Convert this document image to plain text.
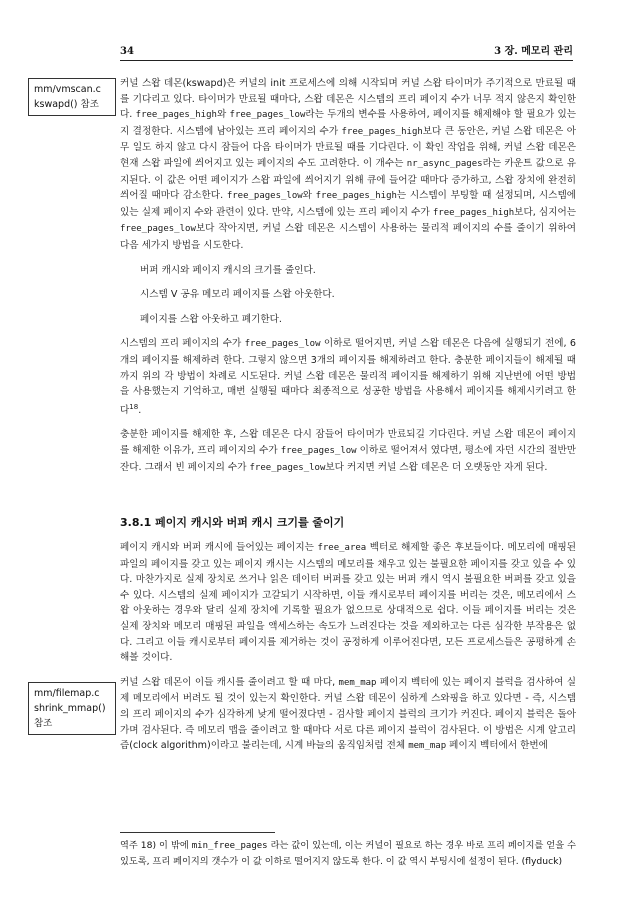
34	3 장. 메모리 관리
mm/vmscan.c
kswapd() 참조
mm/filemap.c
shrink_mmap()
참조

커널 스왑 데몬(kswapd)은 커널의 init 프로세스에 의해 시작되며 커널 스왑 타이머가 주기적으로 만료될 때를 기다리고 있다. 타이머가 만료될 때마다, 스왑 데몬은 시스템의 프리 페이지 수가 너무 적지 않은지 확인한다. free_pages_high와 free_pages_low라는 두개의 변수를 사용하여, 페이지를 해제해야 할 필요가 있는지 결정한다. 시스템에 남아있는 프리 페이지의 수가 free_pages_high보다 큰 동안은, 커널 스왑 데몬은 아무 일도 하지 않고 다시 잠들어 다음 타이머가 만료될 때를 기다린다. 이 확인 작업을 위해, 커널 스왑 데몬은 현재 스왑 파일에 씌어지고 있는 페이지의 수도 고려한다. 이 개수는 nr_async_pages라는 카운트 값으로 유지된다. 이 값은 어떤 페이지가 스왑 파일에 씌어지기 위해 큐에 들어갈 때마다 증가하고, 스왑 장치에 완전히 씌어질 때마다 감소한다. free_pages_low와 free_pages_high는 시스템이 부팅할 때 설정되며, 시스템에 있는 실제 페이지 수와 관련이 있다. 만약, 시스템에 있는 프리 페이지 수가 free_pages_high보다, 심지어는 free_pages_low보다 작아지면, 커널 스왑 데몬은 시스템이 사용하는 물리적 페이지의 수를 줄이기 위하여 다음 세가지 방법을 시도한다.

버퍼 캐시와 페이지 캐시의 크기를 줄인다.
시스템 V 공유 메모리 페이지를 스왑 아웃한다.
페이지를 스왑 아웃하고 폐기한다.

시스템의 프리 페이지의 수가 free_pages_low 이하로 떨어지면, 커널 스왑 데몬은 다음에 실행되기 전에, 6개의 페이지를 해제하려 한다. 그렇지 않으면 3개의 페이지를 해제하려고 한다. 충분한 페이지들이 해제될 때까지 위의 각 방법이 차례로 시도된다. 커널 스왑 데몬은 물리적 페이지를 해제하기 위해 지난번에 어떤 방법을 사용했는지 기억하고, 매번 실행될 때마다 최종적으로 성공한 방법을 사용해서 페이지를 해제시키려고 한다$^{18}$.

충분한 페이지를 해제한 후, 스왑 데몬은 다시 잠들어 타이머가 만료되길 기다린다. 커널 스왑 데몬이 페이지를 해제한 이유가, 프리 페이지의 수가 free_pages_low 이하로 떨어져서 였다면, 평소에 자던 시간의 절반만 잔다. 그래서 빈 페이지의 수가 free_pages_low보다 커지면 커널 스왑 데몬은 더 오랫동안 자게 된다.

3.8.1 페이지 캐시와 버퍼 캐시 크기를 줄이기

페이지 캐시와 버퍼 캐시에 들어있는 페이지는 free_area 벡터로 해제할 좋은 후보들이다. 메모리에 매핑된 파일의 페이지를 갖고 있는 페이지 캐시는 시스템의 메모리를 채우고 있는 불필요한 페이지를 갖고 있을 수 있다. 마찬가지로 실제 장치로 쓰거나 읽은 데이터 버퍼를 갖고 있는 버퍼 캐시 역시 불필요한 버퍼를 갖고 있을 수 있다. 시스템의 실제 페이지가 고갈되기 시작하면, 이들 캐시로부터 페이지를 버리는 것은, 메모리에서 스왑 아웃하는 경우와 달리 실제 장치에 기록할 필요가 없으므로 상대적으로 쉽다. 이들 페이지를 버리는 것은 실제 장치와 메모리 매핑된 파일을 액세스하는 속도가 느려진다는 것을 제외하고는 다른 심각한 부작용은 없다. 그리고 이들 캐시로부터 페이지를 제거하는 것이 공정하게 이루어진다면, 모든 프로세스들은 공평하게 손해볼 것이다.

커널 스왑 데몬이 이들 캐시를 줄이려고 할 때 마다, mem_map 페이지 벡터에 있는 페이지 블럭을 검사하여 실제 메모리에서 버려도 될 것이 있는지 확인한다. 커널 스왑 데몬이 심하게 스와핑을 하고 있다면 - 즉, 시스템의 프리 페이지의 수가 심각하게 낮게 떨어졌다면 - 검사할 페이지 블럭의 크기가 커진다. 페이지 블럭은 돌아가며 검사된다. 즉 메모리 맵을 줄이려고 할 때마다 서로 다른 페이지 블럭이 검사된다. 이 방법은 시계 알고리즘(clock algorithm)이라고 불리는데, 시계 바늘의 움직임처럼 전체 mem_map 페이지 벡터에서 한번에

역주 18) 이 밖에 min_free_pages 라는 값이 있는데, 이는 커널이 필요로 하는 경우 바로 프리 페이지를 얻을 수 있도록, 프리 페이지의 갯수가 이 값 이하로 떨어지지 않도록 한다. 이 값 역시 부팅시에 설정이 된다. (flyduck)
